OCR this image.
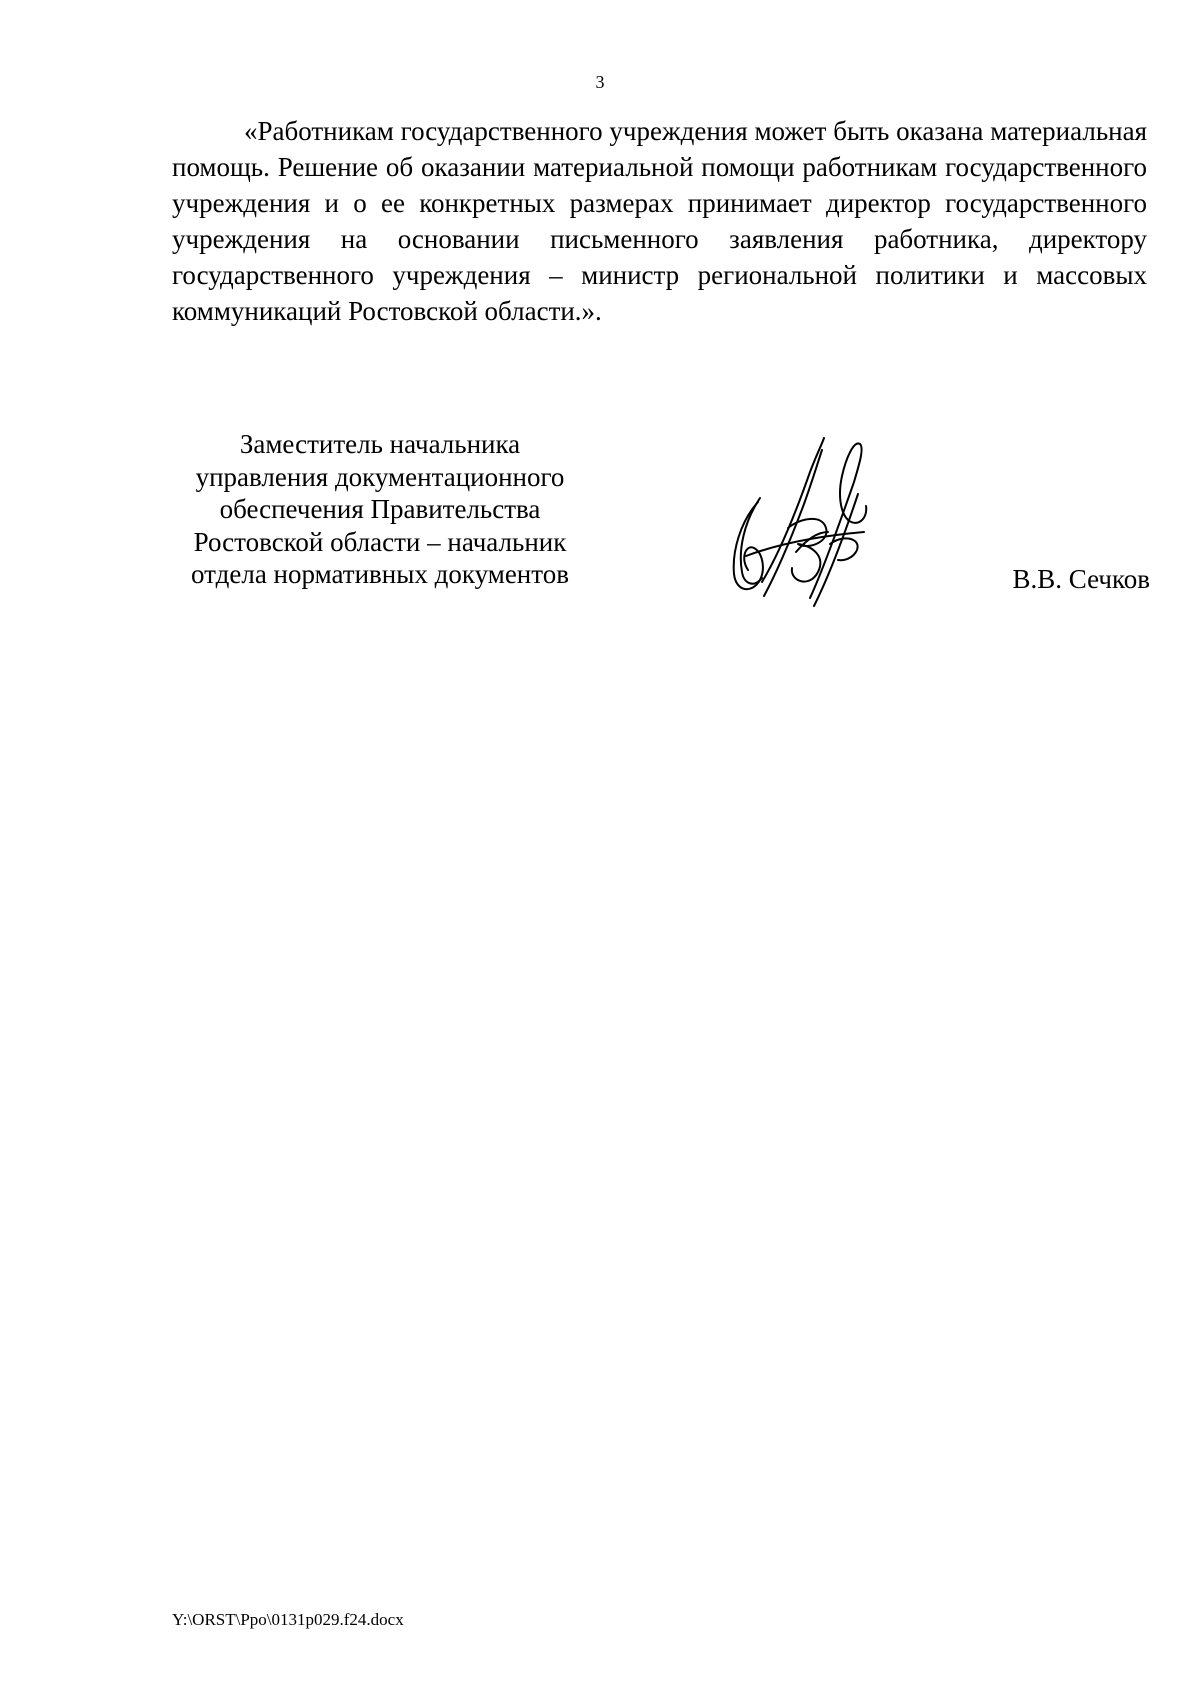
3

«Работникам государственного учреждения может быть оказана материальная помощь. Решение об оказании материальной помощи работникам государственного учреждения и о ее конкретных размерах принимает директор государственного учреждения на основании письменного заявления работника, директору государственного учреждения – министр региональной политики и массовых коммуникаций Ростовской области.».

Заместитель начальника
управления документационного
обеспечения Правительства
Ростовской области – начальник
отдела нормативных документов	В.В. Сечков
Y:\ORST\Ppo\0131p029.f24.docx
